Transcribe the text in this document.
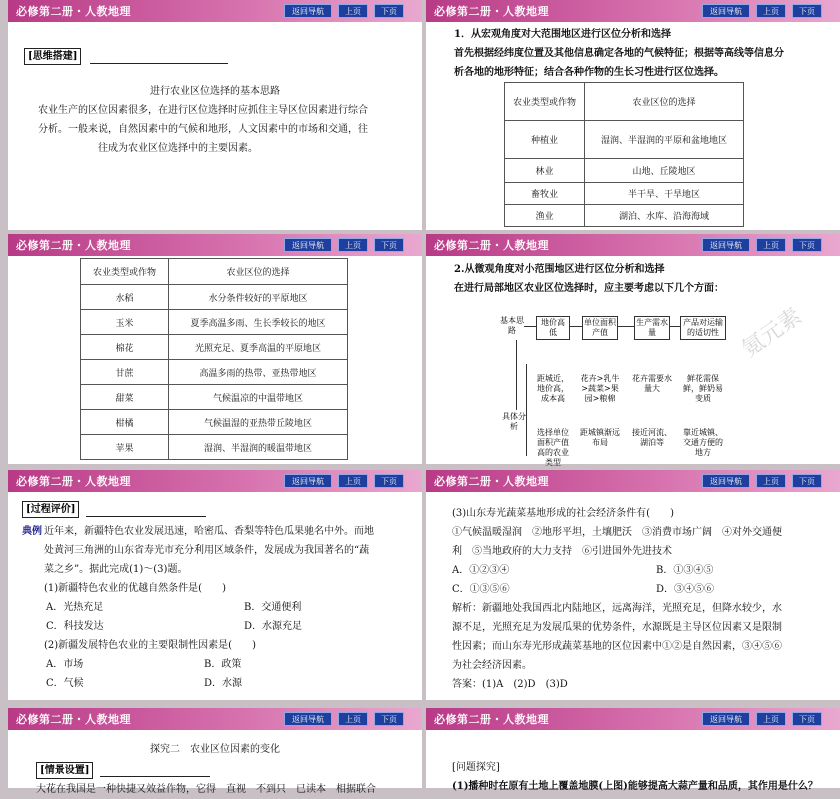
必修第二册・人教地理	返回导航	上页	下页
[思维搭建]
进行农业区位选择的基本思路
农业生产的区位因素很多，在进行区位选择时应抓住主导区位因素进行综合
分析。一般来说，自然因素中的气候和地形，人文因素中的市场和交通，往
往成为农业区位选择中的主要因素。
必修第二册・人教地理	返回导航	上页	下页
1．从宏观角度对大范围地区进行区位分析和选择
首先根据经纬度位置及其他信息确定各地的气候特征；根据等高线等信息分
析各地的地形特征；结合各种作物的生长习性进行区位选择。
农业类型或作物	农业区位的选择
种植业	湿润、半湿润的平原和盆地地区
林业	山地、丘陵地区
畜牧业	半干旱、干旱地区
渔业	湖泊、水库、沿海海域
必修第二册・人教地理	返回导航	上页	下页
农业类型或作物	农业区位的选择
水稻	水分条件较好的平原地区
玉米	夏季高温多雨、生长季较长的地区
棉花	光照充足、夏季高温的平原地区
甘蔗	高温多雨的热带、亚热带地区
甜菜	气候温凉的中温带地区
柑橘	气候温湿的亚热带丘陵地区
苹果	湿润、半湿润的暖温带地区
必修第二册・人教地理	返回导航	上页	下页
2.从微观角度对小范围地区进行区位分析和选择
在进行局部地区农业区位选择时，应主要考虑以下几个方面：
基本思路
地价高低
单位面积产值
生产需水量
产品对运输的适切性
具体分析
距城近，地价高，成本高
花卉>乳牛>蔬菜>果园>粮棉
花卉需要水量大
鲜花需保鲜，鲜奶易变质
选择单位面积产值高的农业类型
距城镇渐远布局
接近河流、湖泊等
靠近城镇、交通方便的地方
氪元素
必修第二册・人教地理	返回导航	上页	下页
[过程评价]
典例 近年来，新疆特色农业发展迅速，哈密瓜、香梨等特色瓜果驰名中外。而地
处黄河三角洲的山东省寿光市充分利用区域条件，发展成为我国著名的“蔬
菜之乡”。据此完成(1)～(3)题。
(1)新疆特色农业的优越自然条件是(　　)
A．光热充足	B．交通便利
C．科技发达	D．水源充足
(2)新疆发展特色农业的主要限制性因素是(　　)
A．市场	B．政策
C．气候	D．水源
必修第二册・人教地理	返回导航	上页	下页
(3)山东寿光蔬菜基地形成的社会经济条件有(　　)
①气候温暖湿润　②地形平坦，土壤肥沃　③消费市场广阔　④对外交通便
利　⑤当地政府的大力支持　⑥引进国外先进技术
A．①②③④	B．①③④⑤
C．①③⑤⑥	D．③④⑤⑥
解析：新疆地处我国西北内陆地区，远离海洋，光照充足，但降水较少，水
源不足，光照充足为发展瓜果的优势条件，水源既是主导区位因素又是限制
性因素；而山东寿光形成蔬菜基地的区位因素中①②是自然因素，③④⑤⑥
为社会经济因素。
答案：(1)A　(2)D　(3)D
必修第二册・人教地理	返回导航	上页	下页
探究二　农业区位因素的变化
[情景设置]
大花在我国是一种快捷又效益作物，它得　直视　不到只　已读本　相据联合
必修第二册・人教地理	返回导航	上页	下页
[问题探究]
(1)播种时在原有土地上覆盖地膜(上图)能够提高大蒜产量和品质，其作用是什么？
